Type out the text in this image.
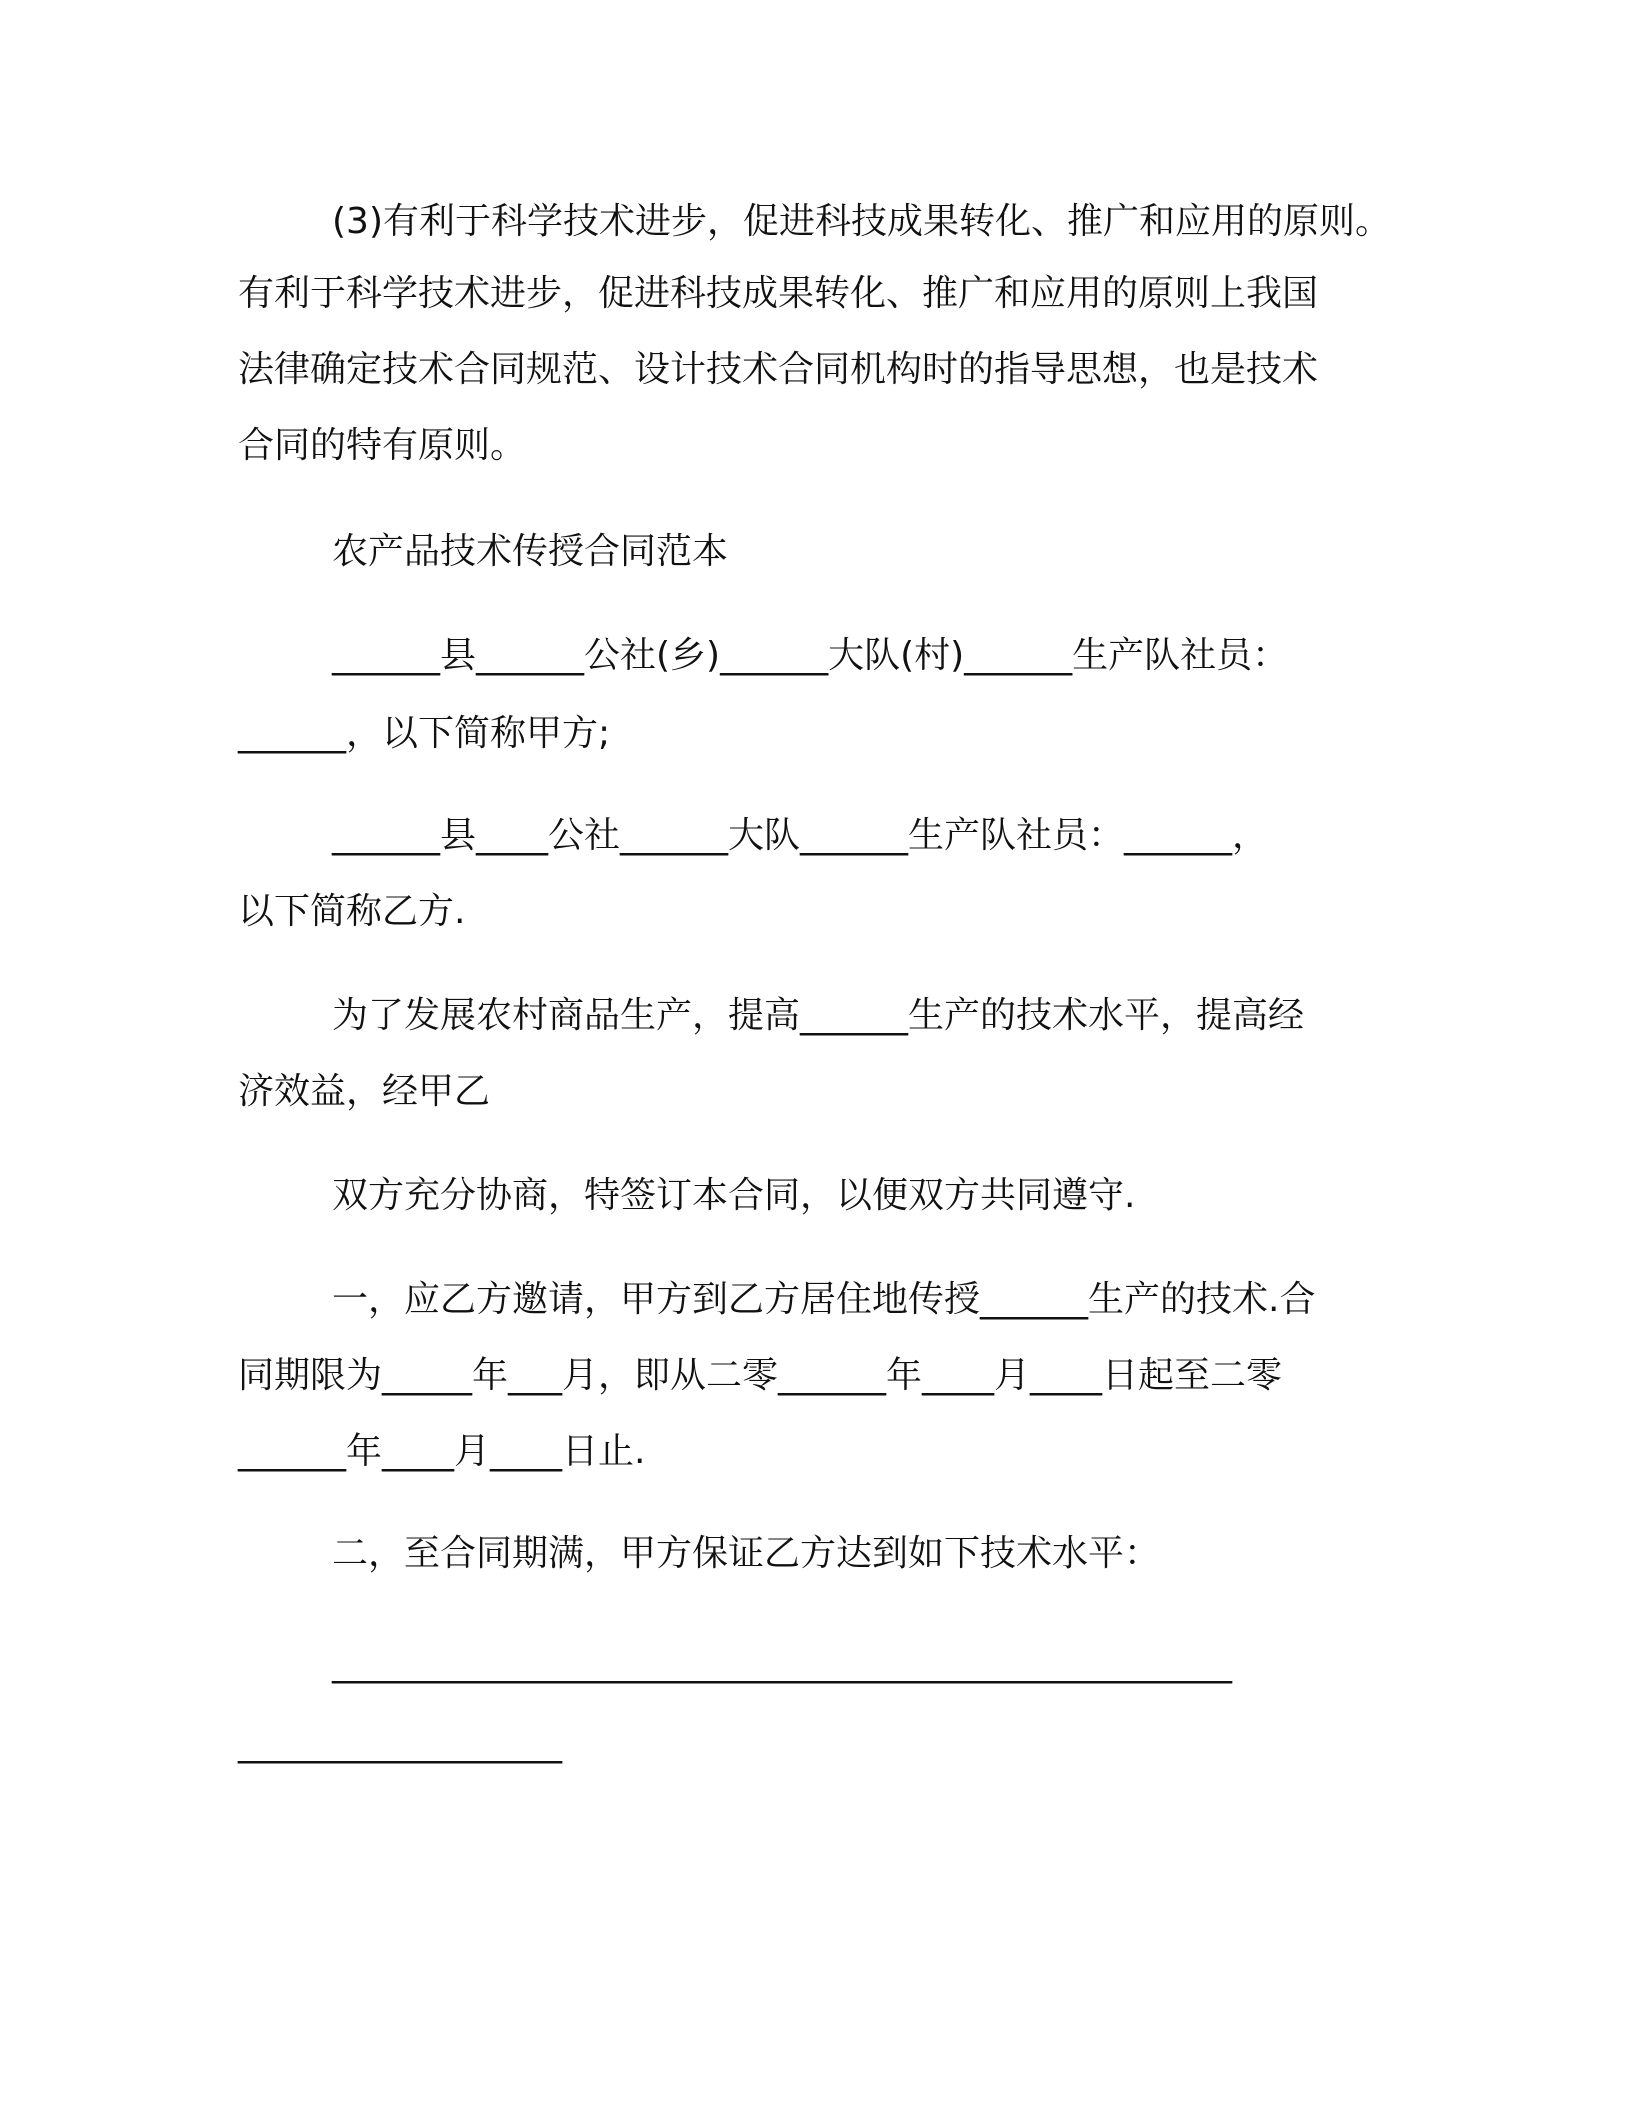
(3)有利于科学技术进步，促进科技成果转化、推广和应用的原则。
有利于科学技术进步，促进科技成果转化、推广和应用的原则上我国
法律确定技术合同规范、设计技术合同机构时的指导思想，也是技术
合同的特有原则。
农产品技术传授合同范本
______县______公社(乡)______大队(村)______生产队社员：
______，以下简称甲方;
______县____公社______大队______生产队社员：______，
以下简称乙方.
为了发展农村商品生产，提高______生产的技术水平，提高经
济效益，经甲乙
双方充分协商，特签订本合同，以便双方共同遵守.
一，应乙方邀请，甲方到乙方居住地传授______生产的技术.合
同期限为_____年___月，即从二零______年____月____日起至二零
______年____月____日止.
二，至合同期满，甲方保证乙方达到如下技术水平：
__________________________________________________
__________________
